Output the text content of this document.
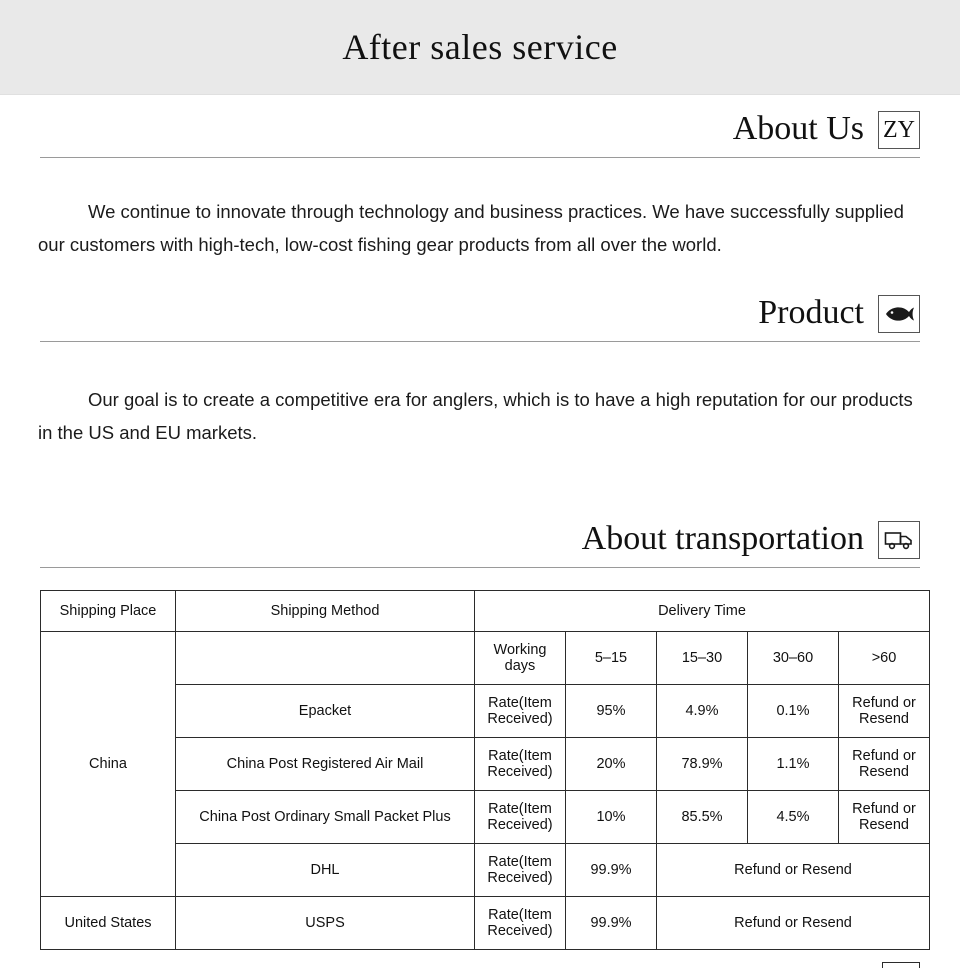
After sales service
About Us ZY

We continue to innovate through technology and business practices. We have successfully supplied our customers with high-tech, low-cost fishing gear products from all over the world.

Product

Our goal is to create a competitive era for anglers, which is to have a high reputation for our products in the US and EU markets.

About transportation
Shipping Place	Shipping Method	Delivery Time				
China		Working days	5–15	15–30	30–60	>60
	Epacket	Rate(Item Received)	95%	4.9%	0.1%	Refund or Resend
	China Post Registered Air Mail	Rate(Item Received)	20%	78.9%	1.1%	Refund or Resend
	China Post Ordinary Small Packet Plus	Rate(Item Received)	10%	85.5%	4.5%	Refund or Resend
	DHL	Rate(Item Received)	99.9%	Refund or Resend		
United States	USPS	Rate(Item Received)	99.9%	Refund or Resend		
